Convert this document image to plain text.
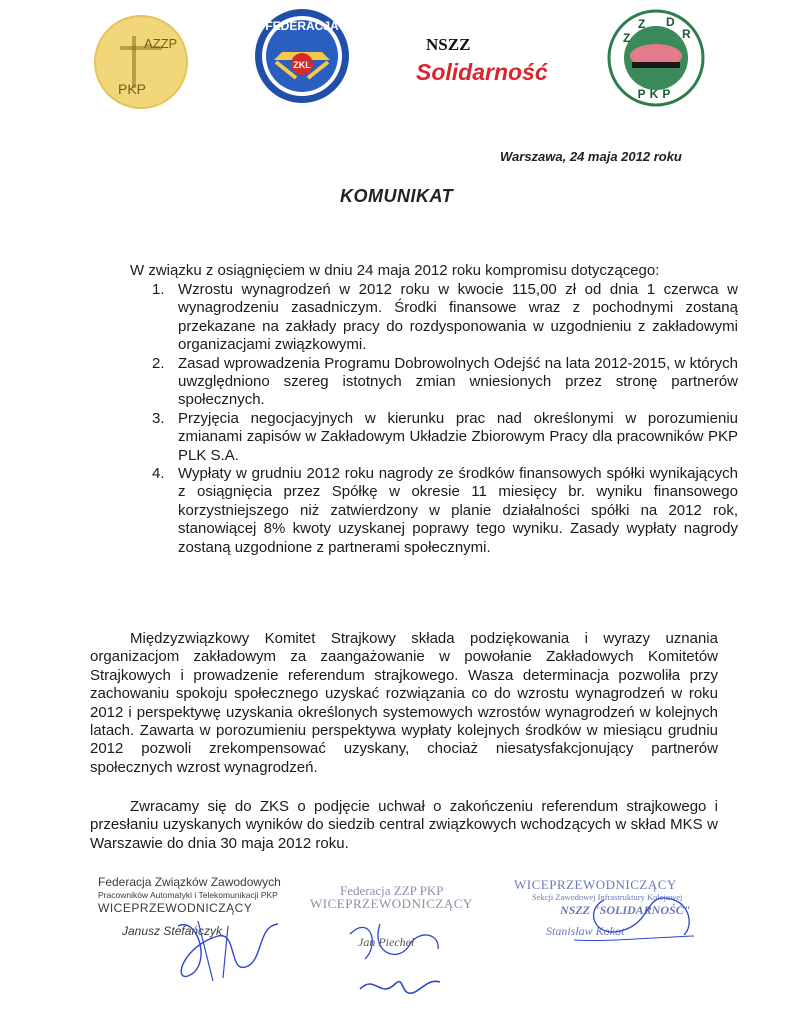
AZZP
PKP
FEDERACJA
ZKL
NSZZ
Solidarność
Z
Z D
R
PKP
Warszawa, 24 maja 2012 roku
KOMUNIKAT
W związku z osiągnięciem w dniu 24 maja 2012 roku kompromisu dotyczącego:
1. Wzrostu wynagrodzeń w 2012 roku w kwocie 115,00 zł od dnia 1 czerwca w wynagrodzeniu zasadniczym. Środki finansowe wraz z pochodnymi zostaną przekazane na zakłady pracy do rozdysponowania w uzgodnieniu z zakładowymi organizacjami związkowymi.
2. Zasad wprowadzenia Programu Dobrowolnych Odejść na lata 2012-2015, w których uwzględniono szereg istotnych zmian wniesionych przez stronę partnerów społecznych.
3. Przyjęcia negocjacyjnych w kierunku prac nad określonymi w porozumieniu zmianami zapisów w Zakładowym Układzie Zbiorowym Pracy dla pracowników PKP PLK S.A.
4. Wypłaty w grudniu 2012 roku nagrody ze środków finansowych spółki wynikających z osiągnięcia przez Spółkę w okresie 11 miesięcy br. wyniku finansowego korzystniejszego niż zatwierdzony w planie działalności spółki na 2012 rok, stanowiącej 8% kwoty uzyskanej poprawy tego wyniku. Zasady wypłaty nagrody zostaną uzgodnione z partnerami społecznymi.
Międzyzwiązkowy Komitet Strajkowy składa podziękowania i wyrazy uznania organizacjom zakładowym za zaangażowanie w powołanie Zakładowych Komitetów Strajkowych i prowadzenie referendum strajkowego. Wasza determinacja pozwoliła przy zachowaniu spokoju społecznego uzyskać rozwiązania co do wzrostu wynagrodzeń w roku 2012 i perspektywę uzyskania określonych systemowych wzrostów wynagrodzeń w kolejnych latach. Zawarta w porozumieniu perspektywa wypłaty kolejnych środków w miesiącu grudniu 2012 pozwoli zrekompensować uzyskany, chociaż niesatysfakcjonujący partnerów społecznych wzrost wynagrodzeń.
Zwracamy się do ZKS o podjęcie uchwał o zakończeniu referendum strajkowego i przesłaniu uzyskanych wyników do siedzib central związkowych wchodzących w skład MKS w Warszawie do dnia 30 maja 2012 roku.
Federacja Związków Zawodowych
Pracowników Automatyki i Telekomunikacji PKP
WICEPRZEWODNICZĄCY
Janusz Stefańczyk
Federacja ZZP PKP
WICEPRZEWODNICZĄCY
Jan Piechel
WICEPRZEWODNICZĄCY
Sekcji Zawodowej Infrastruktury Kolejowej
NSZZ "SOLIDARNOŚĆ"
Stanisław Kokot
